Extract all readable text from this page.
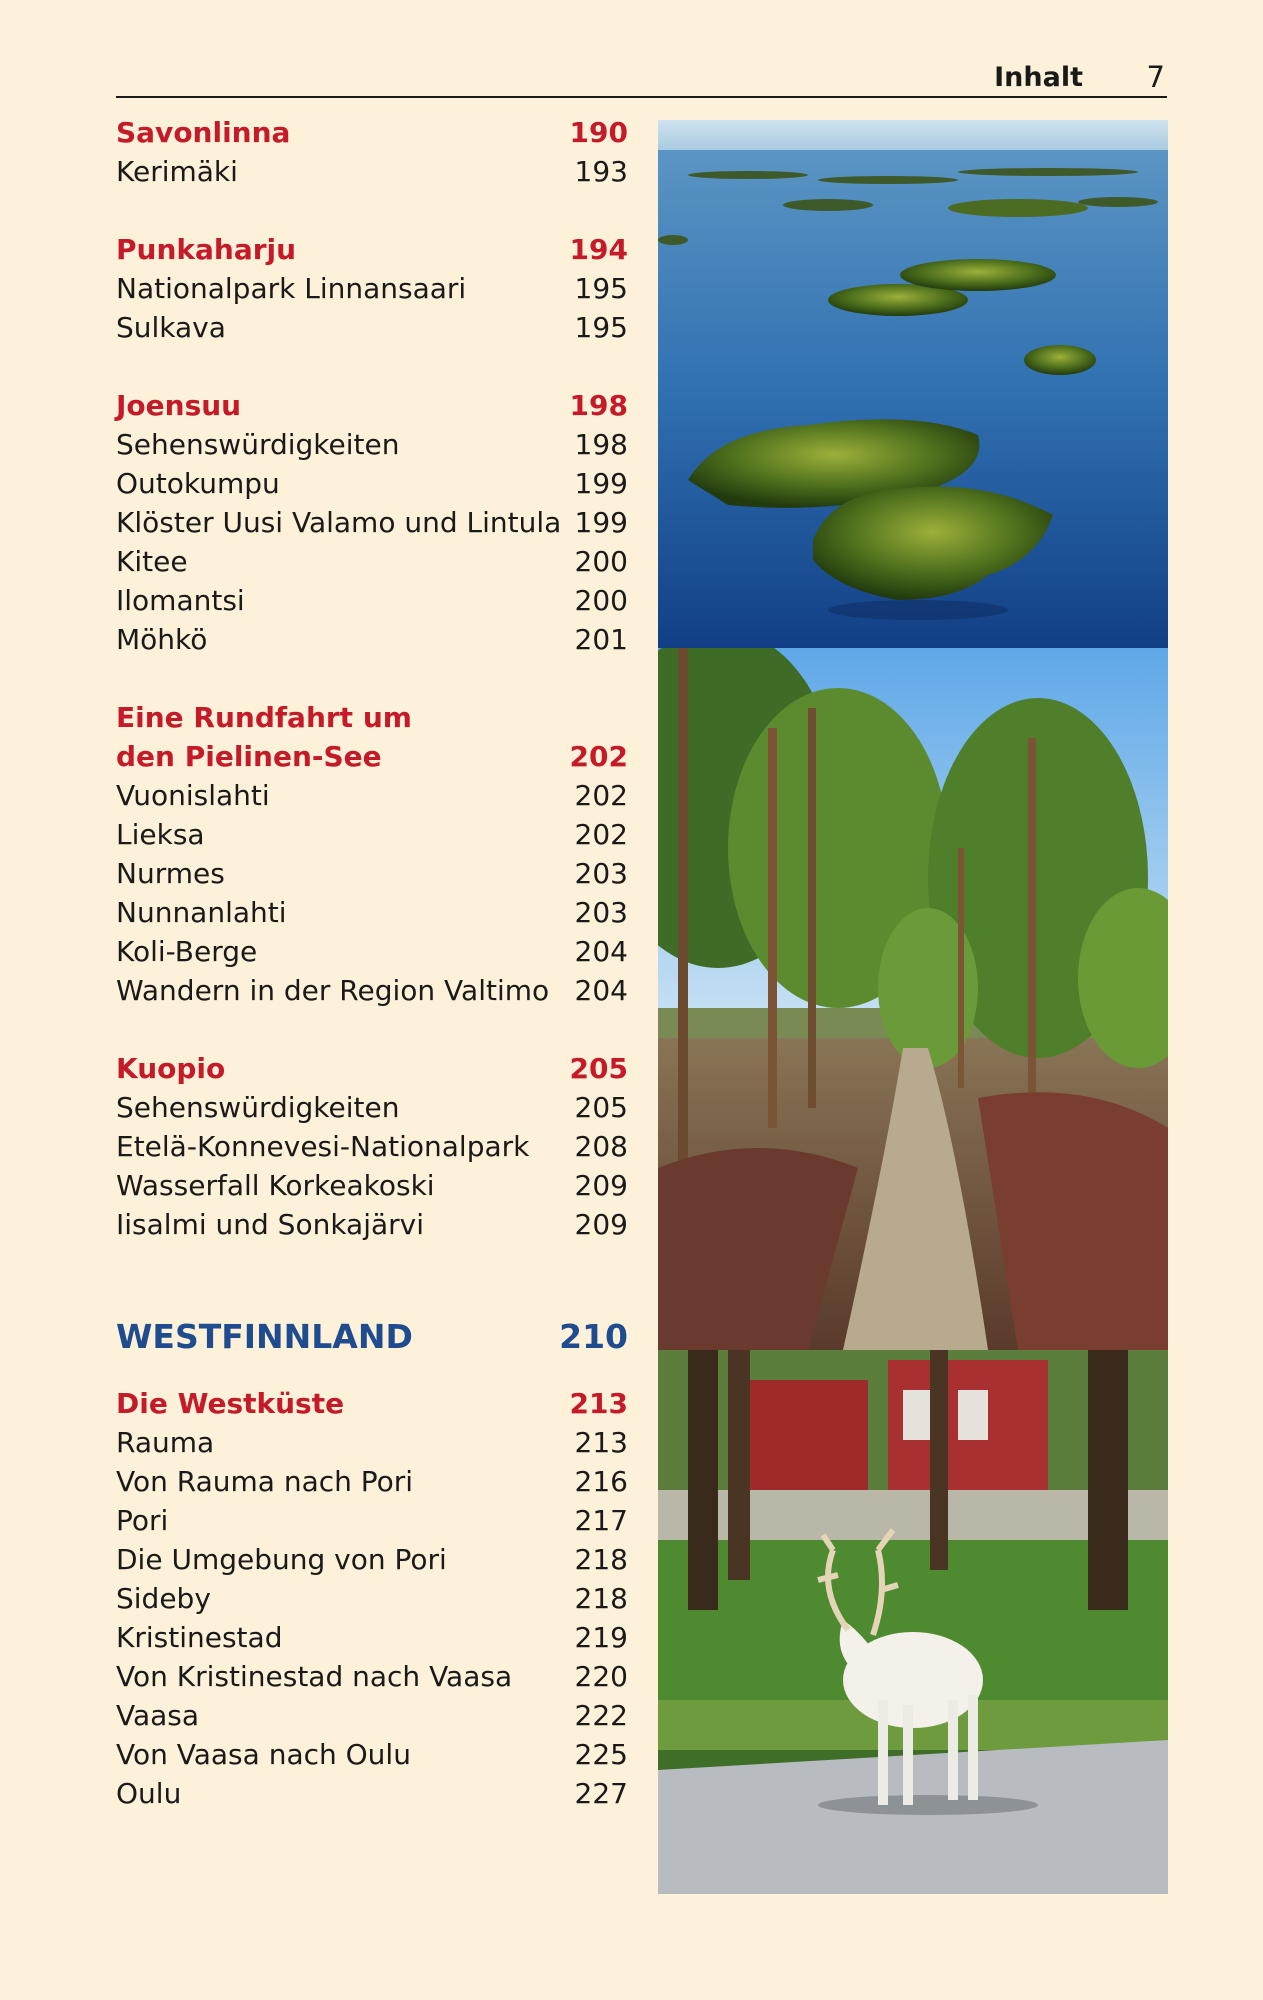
Inhalt 7
Savonlinna	190
Kerimäki	193
Punkaharju	194
Nationalpark Linnansaari	195
Sulkava	195
Joensuu	198
Sehenswürdigkeiten	198
Outokumpu	199
Klöster Uusi Valamo und Lintula 199
Kitee	200
Ilomantsi	200
Möhkö	201
Eine Rundfahrt um
den Pielinen-See	202
Vuonislahti	202
Lieksa	202
Nurmes	203
Nunnanlahti	203
Koli-Berge	204
Wandern in der Region Valtimo 204
Kuopio	205
Sehenswürdigkeiten	205
Etelä-Konnevesi-Nationalpark 208
Wasserfall Korkeakoski	209
Iisalmi und Sonkajärvi	209
WESTFINNLAND	210
Die Westküste	213
Rauma	213
Von Rauma nach Pori	216
Pori	217
Die Umgebung von Pori	218
Sideby	218
Kristinestad	219
Von Kristinestad nach Vaasa 220
Vaasa	222
Von Vaasa nach Oulu	225
Oulu	227
